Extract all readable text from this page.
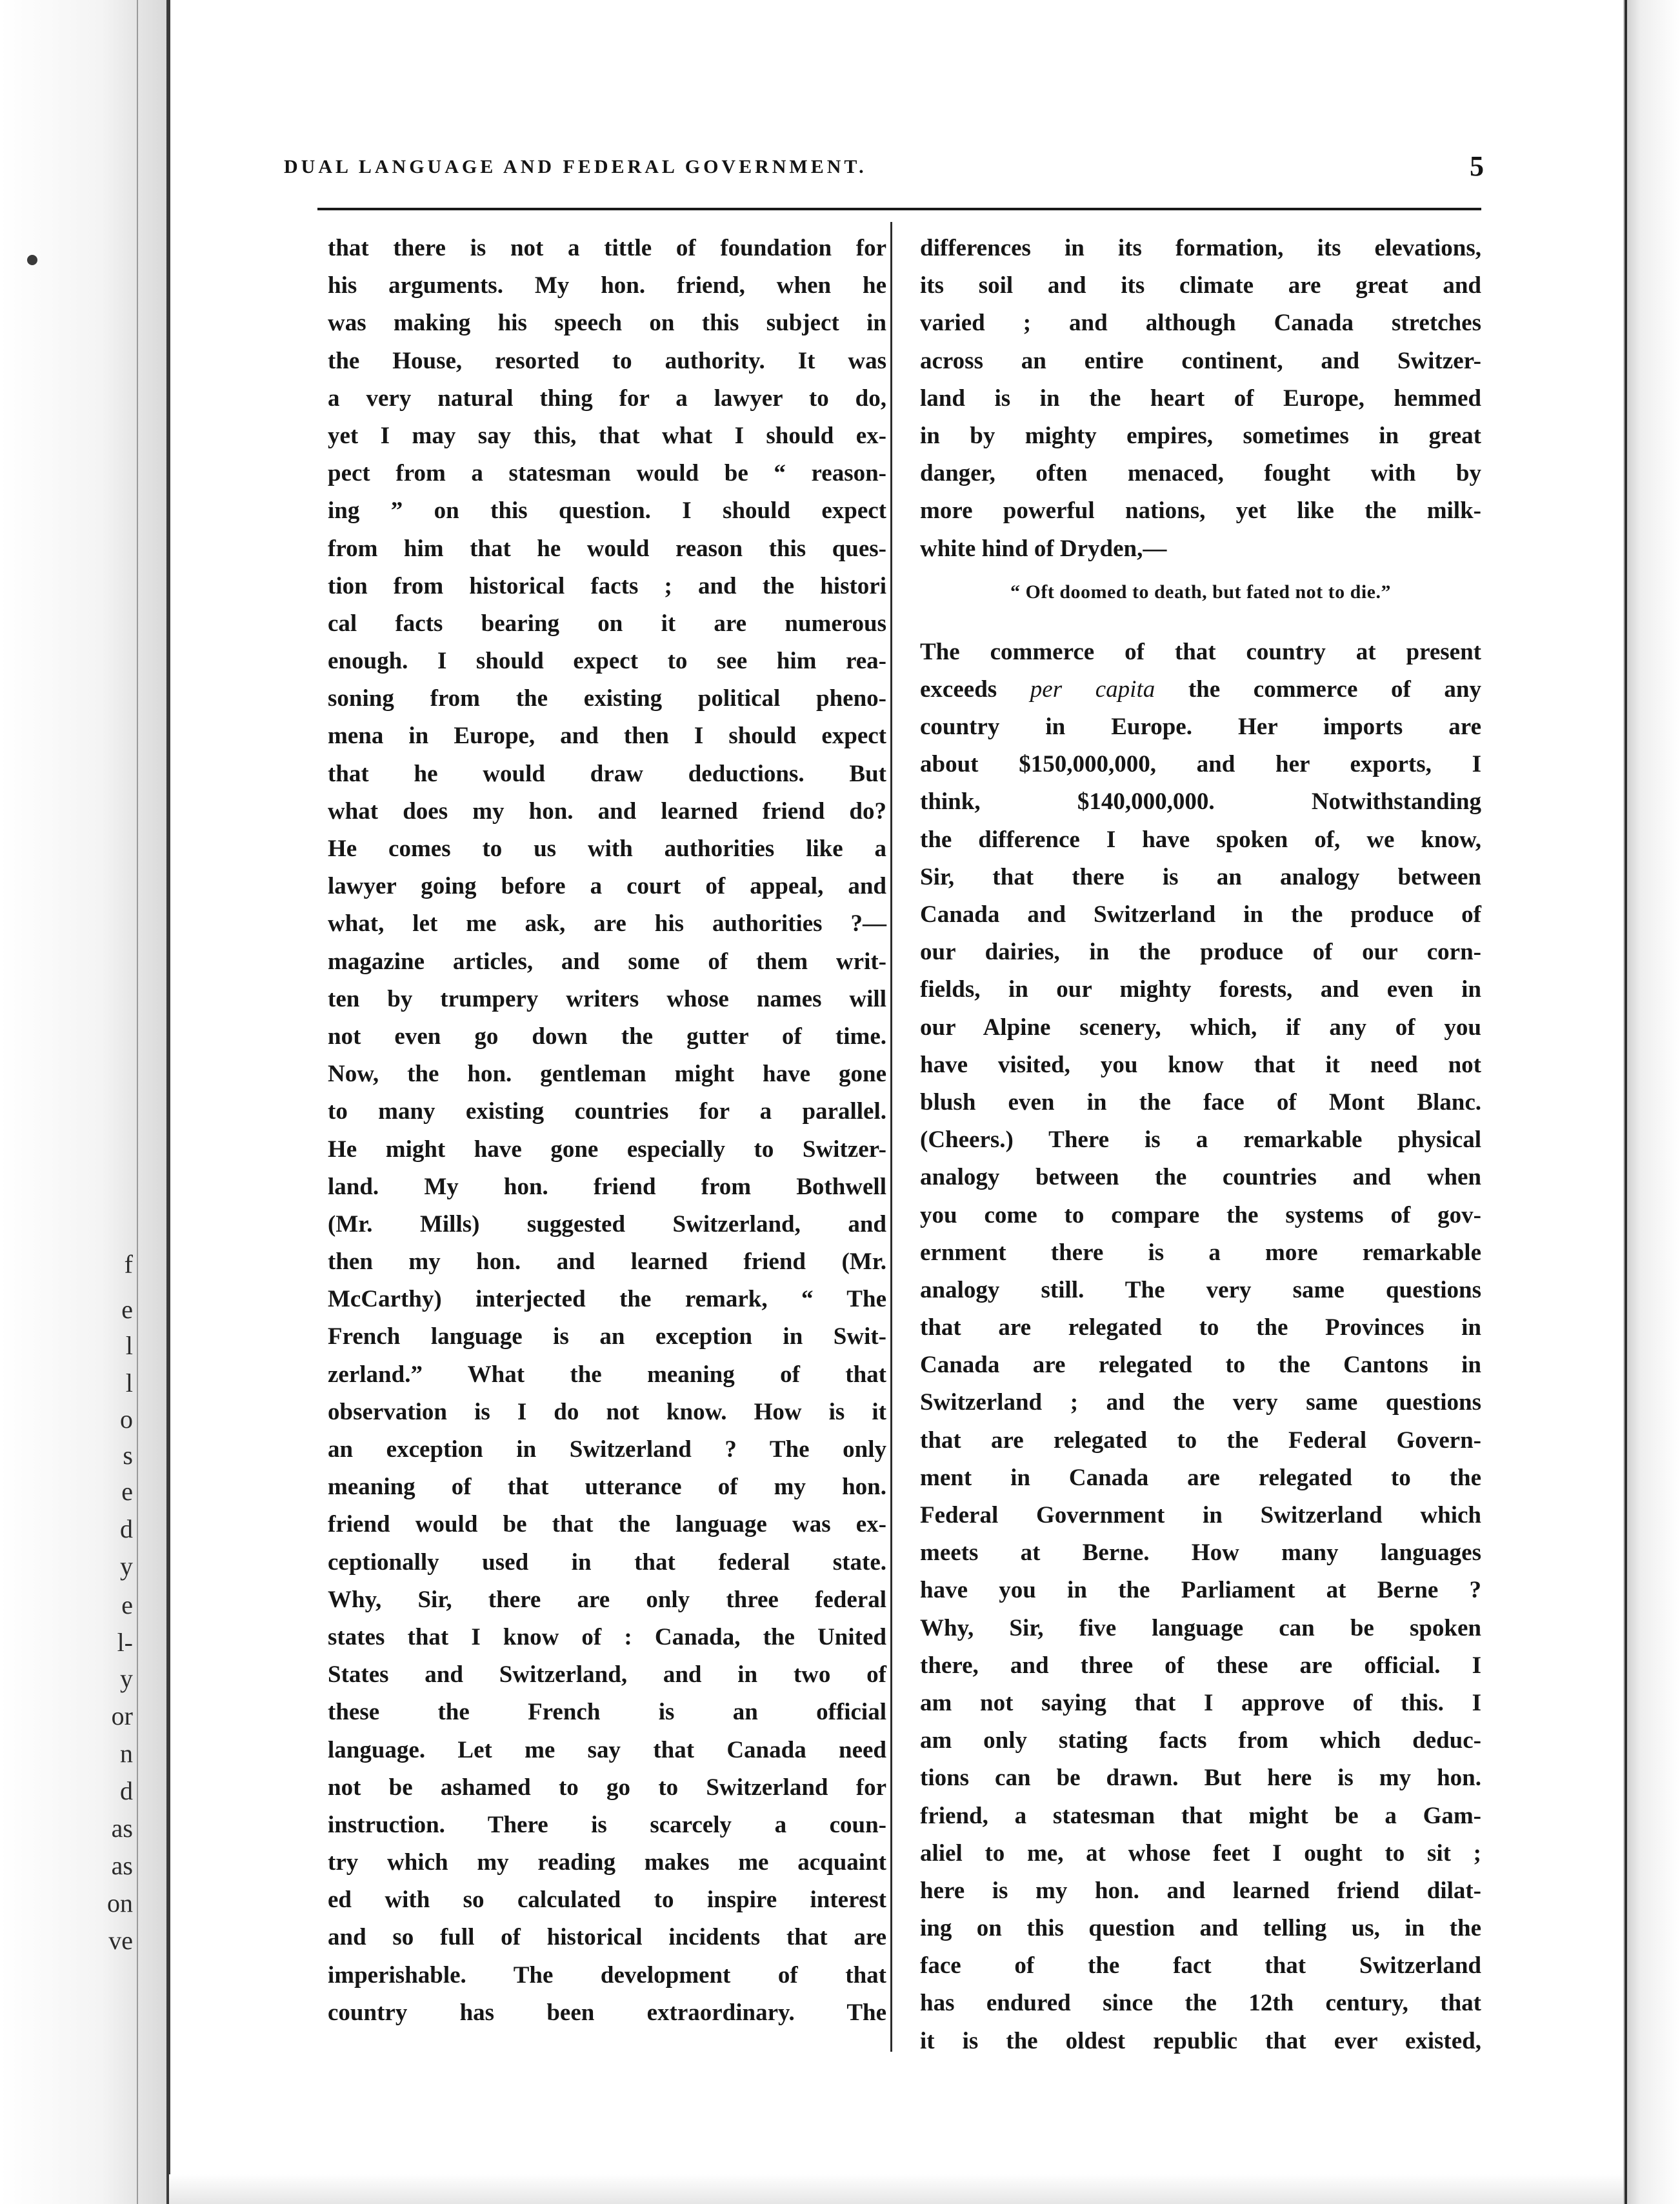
f
e
l
l
o
s
e
d
y
e
l-
y
or
n
d
as
as
on
ve
DUAL LANGUAGE AND FEDERAL GOVERNMENT.	5
that there is not a tittle of foundation for
his arguments. My hon. friend, when he
was making his speech on this subject in
the House, resorted to authority. It was
a very natural thing for a lawyer to do,
yet I may say this, that what I should ex-
pect from a statesman would be “ reason-
ing ” on this question. I should expect
from him that he would reason this ques-
tion from historical facts ; and the histori
cal facts bearing on it are numerous
enough. I should expect to see him rea-
soning from the existing political pheno-
mena in Europe, and then I should expect
that he would draw deductions. But
what does my hon. and learned friend do?
He comes to us with authorities like a
lawyer going before a court of appeal, and
what, let me ask, are his authorities ?—
magazine articles, and some of them writ-
ten by trumpery writers whose names will
not even go down the gutter of time.
Now, the hon. gentleman might have gone
to many existing countries for a parallel.
He might have gone especially to Switzer-
land. My hon. friend from Bothwell
(Mr. Mills) suggested Switzerland, and
then my hon. and learned friend (Mr.
McCarthy) interjected the remark, “ The
French language is an exception in Swit-
zerland.” What the meaning of that
observation is I do not know. How is it
an exception in Switzerland ? The only
meaning of that utterance of my hon.
friend would be that the language was ex-
ceptionally used in that federal state.
Why, Sir, there are only three federal
states that I know of : Canada, the United
States and Switzerland, and in two of
these the French is an official
language. Let me say that Canada need
not be ashamed to go to Switzerland for
instruction. There is scarcely a coun-
try which my reading makes me acquaint
ed with so calculated to inspire interest
and so full of historical incidents that are
imperishable. The development of that
country has been extraordinary. The
differences in its formation, its elevations,
its soil and its climate are great and
varied ; and although Canada stretches
across an entire continent, and Switzer-
land is in the heart of Europe, hemmed
in by mighty empires, sometimes in great
danger, often menaced, fought with by
more powerful nations, yet like the milk-
white hind of Dryden,—
“ Oft doomed to death, but fated not to die.”
The commerce of that country at present
exceeds per capita the commerce of any
country in Europe. Her imports are
about $150,000,000, and her exports, I
think, $140,000,000. Notwithstanding
the difference I have spoken of, we know,
Sir, that there is an analogy between
Canada and Switzerland in the produce of
our dairies, in the produce of our corn-
fields, in our mighty forests, and even in
our Alpine scenery, which, if any of you
have visited, you know that it need not
blush even in the face of Mont Blanc.
(Cheers.) There is a remarkable physical
analogy between the countries and when
you come to compare the systems of gov-
ernment there is a more remarkable
analogy still. The very same questions
that are relegated to the Provinces in
Canada are relegated to the Cantons in
Switzerland ; and the very same questions
that are relegated to the Federal Govern-
ment in Canada are relegated to the
Federal Government in Switzerland which
meets at Berne. How many languages
have you in the Parliament at Berne ?
Why, Sir, five language can be spoken
there, and three of these are official. I
am not saying that I approve of this. I
am only stating facts from which deduc-
tions can be drawn. But here is my hon.
friend, a statesman that might be a Gam-
aliel to me, at whose feet I ought to sit ;
here is my hon. and learned friend dilat-
ing on this question and telling us, in the
face of the fact that Switzerland
has endured since the 12th century, that
it is the oldest republic that ever existed,
